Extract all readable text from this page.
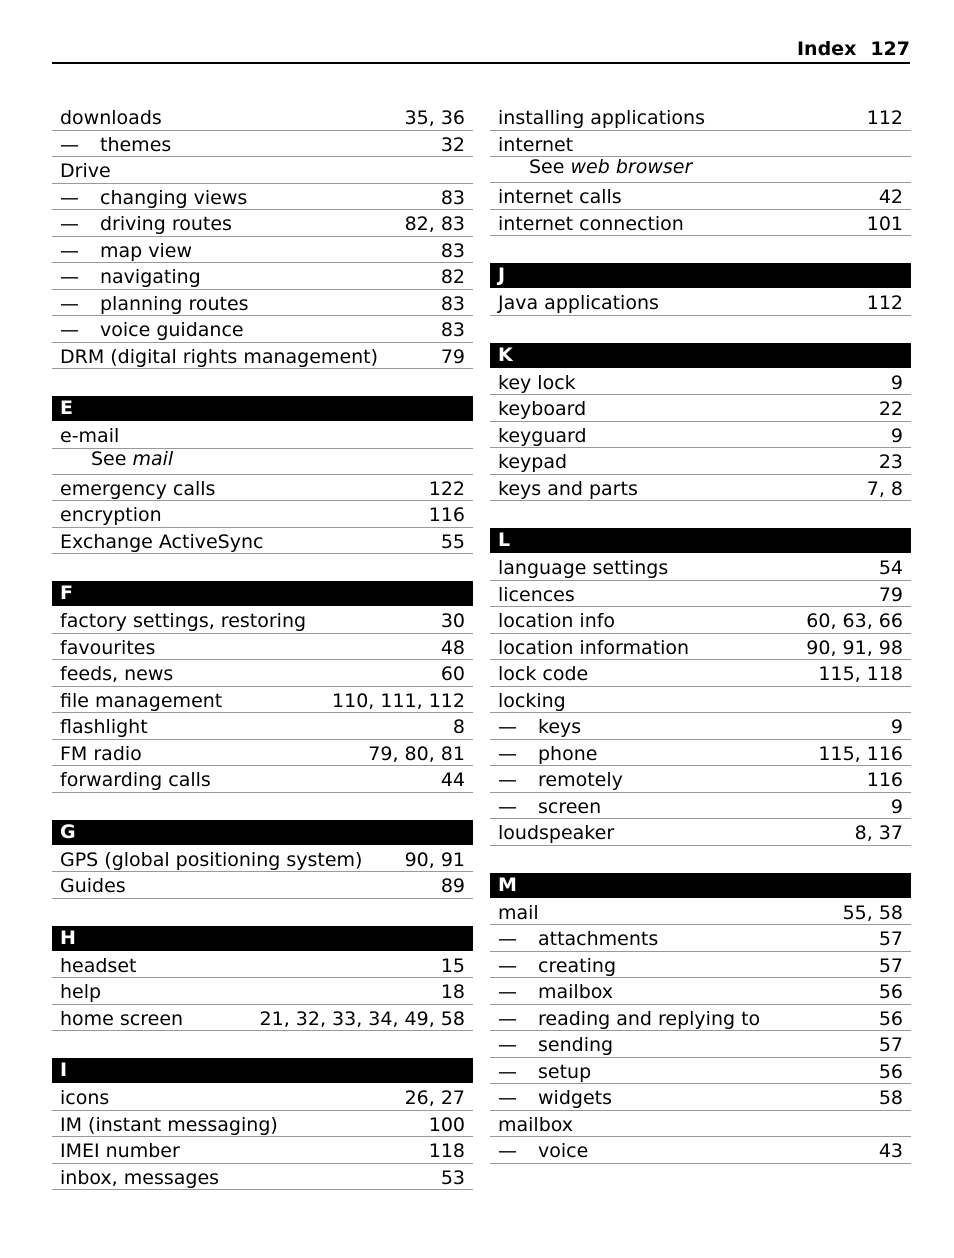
Index 127
downloads	35, 36
— themes	32
Drive
— changing views	83
— driving routes	82, 83
— map view	83
— navigating	82
— planning routes	83
— voice guidance	83
DRM (digital rights management)	79
E
e-mail
See mail
emergency calls	122
encryption	116
Exchange ActiveSync	55
F
factory settings, restoring	30
favourites	48
feeds, news	60
file management	110, 111, 112
flashlight	8
FM radio	79, 80, 81
forwarding calls	44
G
GPS (global positioning system) 90, 91
Guides	89
H
headset	15
help	18
home screen	21, 32, 33, 34, 49, 58
I
icons	26, 27
IM (instant messaging)	100
IMEI number	118
inbox, messages	53
installing applications	112
internet
See web browser
internet calls	42
internet connection	101
J
Java applications	112
K
key lock	9
keyboard	22
keyguard	9
keypad	23
keys and parts	7, 8
L
language settings	54
licences	79
location info	60, 63, 66
location information	90, 91, 98
lock code	115, 118
locking
— keys	9
— phone	115, 116
— remotely	116
— screen	9
loudspeaker	8, 37
M
mail	55, 58
— attachments	57
— creating	57
— mailbox	56
— reading and replying to	56
— sending	57
— setup	56
— widgets	58
mailbox
— voice	43
